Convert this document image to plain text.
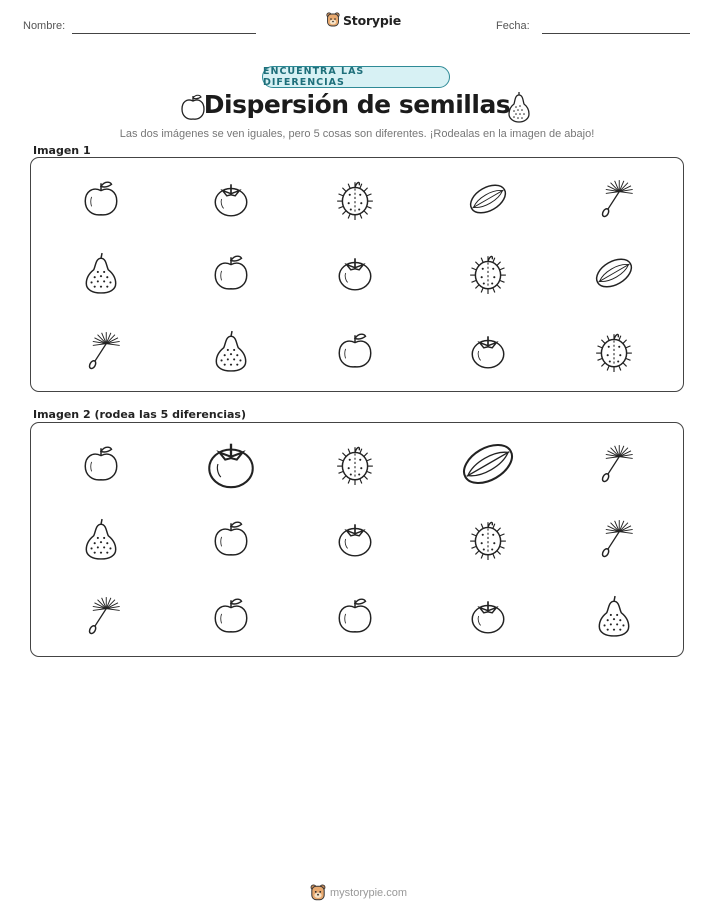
Nombre:	Storypie	Fecha:
ENCUENTRA LAS DIFERENCIAS
Dispersión de semillas
Las dos imágenes se ven iguales, pero 5 cosas son diferentes. ¡Rodealas en la imagen de abajo!
Imagen 1
Imagen 2 (rodea las 5 diferencias)
mystorypie.com
